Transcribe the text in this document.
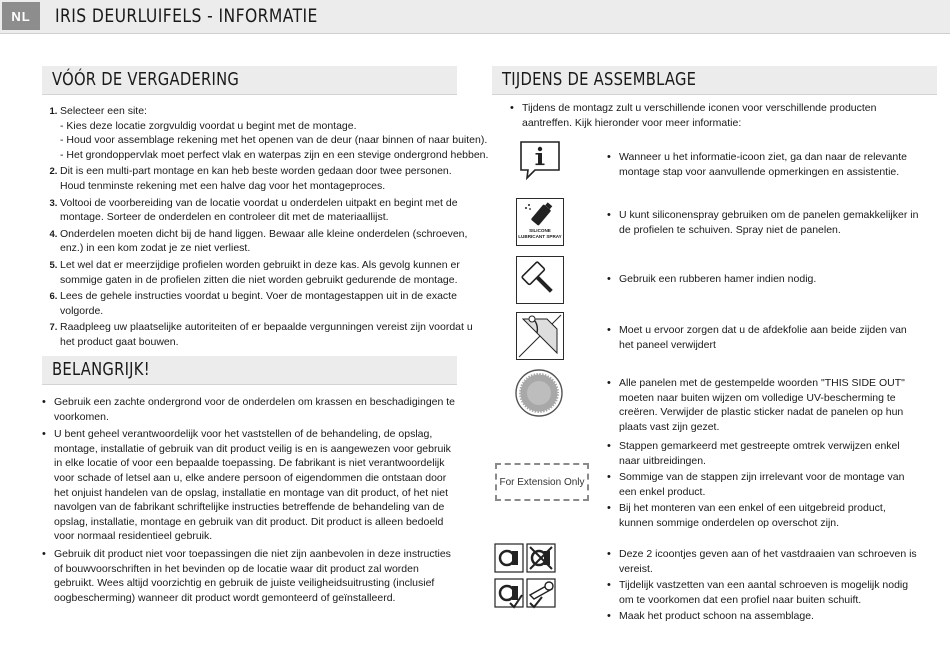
NL	IRIS DEURLUIFELS - INFORMATIE
VÓÓR DE VERGADERING
1. Selecteer een site:
- Kies deze locatie zorgvuldig voordat u begint met de montage.
- Houd voor assemblage rekening met het openen van de deur (naar binnen of naar buiten).
- Het grondoppervlak moet perfect vlak en waterpas zijn en een stevige ondergrond hebben.
2. Dit is een multi-part montage en kan heb beste worden gedaan door twee personen.
Houd tenminste rekening met een halve dag voor het montageproces.
3. Voltooi de voorbereiding van de locatie voordat u onderdelen uitpakt en begint met de montage. Sorteer de onderdelen en controleer dit met de materiaallijst.
4. Onderdelen moeten dicht bij de hand liggen. Bewaar alle kleine onderdelen (schroeven, enz.) in een kom zodat je ze niet verliest.
5. Let wel dat er meerzijdige profielen worden gebruikt in deze kas. Als gevolg kunnen er sommige gaten in de profielen zitten die niet worden gebruikt gedurende de montage.
6. Lees de gehele instructies voordat u begint. Voer de montagestappen uit in de exacte volgorde.
7. Raadpleeg uw plaatselijke autoriteiten of er bepaalde vergunningen vereist zijn voordat u het product gaat bouwen.
BELANGRIJK!
• Gebruik een zachte ondergrond voor de onderdelen om krassen en beschadigingen te voorkomen.
• U bent geheel verantwoordelijk voor het vaststellen of de behandeling, de opslag, montage, installatie of gebruik van dit product veilig is en is aangewezen voor gebruik in elke locatie of voor een bepaalde toepassing. De fabrikant is niet verantwoordelijk voor schade of letsel aan u, elke andere persoon of eigendommen die ontstaan door het onjuist handelen van de opslag, installatie en montage van dit product, of het niet navolgen van de fabrikant schriftelijke instructies betreffende de behandeling van de opslag, installatie, montage en gebruik van dit product. Dit product is alleen bedoeld voor normaal residentieel gebruik.
• Gebruik dit product niet voor toepassingen die niet zijn aanbevolen in deze instructies of bouwvoorschriften in het bevinden op de locatie waar dit product zal worden gebruikt. Wees altijd voorzichtig en gebruik de juiste veiligheidsuitrusting (inclusief oogbescherming) wanneer dit product wordt gemonteerd of geïnstalleerd.
TIJDENS DE ASSEMBLAGE
• Tijdens de montagz zult u verschillende iconen voor verschillende producten aantreffen. Kijk hieronder voor meer informatie:
• Wanneer u het informatie-icoon ziet, ga dan naar de relevante montage stap voor aanvullende opmerkingen en assistentie.
SILICONE
LUBRICANT SPRAY
• U kunt siliconenspray gebruiken om de panelen gemakkelijker in de profielen te schuiven. Spray niet de panelen.
• Gebruik een rubberen hamer indien nodig.
• Moet u ervoor zorgen dat u de afdekfolie aan beide zijden van het paneel verwijdert
• Alle panelen met de gestempelde woorden "THIS SIDE OUT" moeten naar buiten wijzen om volledige UV-bescherming te creëren. Verwijder de plastic sticker nadat de panelen op hun plaats vast zijn gezet.
For Extension Only
• Stappen gemarkeerd met gestreepte omtrek verwijzen enkel naar uitbreidingen.
• Sommige van de stappen zijn irrelevant voor de montage van een enkel product.
• Bij het monteren van een enkel of een uitgebreid product, kunnen sommige onderdelen op overschot zijn.
• Deze 2 icoontjes geven aan of het vastdraaien van schroeven is vereist.
• Tijdelijk vastzetten van een aantal schroeven is mogelijk nodig om te voorkomen dat een profiel naar buiten schuift.
• Maak het product schoon na assemblage.
